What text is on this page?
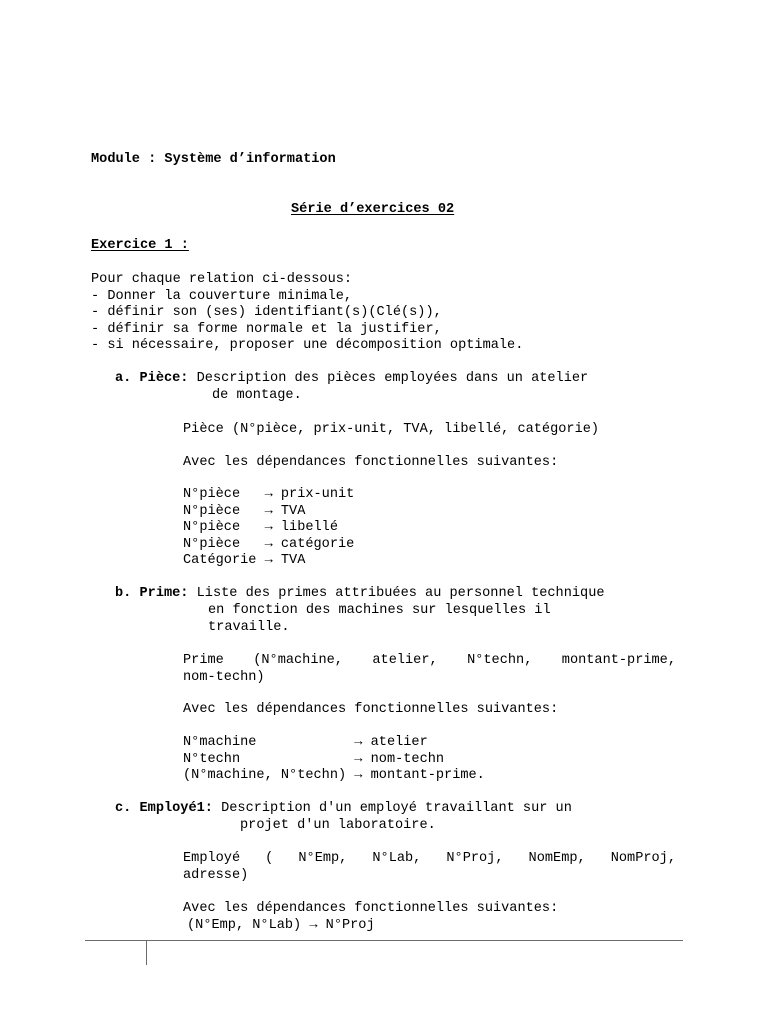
Module : Système d’information
Série d’exercices 02
Exercice 1 :
Pour chaque relation ci-dessous:
- Donner la couverture minimale,
- définir son (ses) identifiant(s)(Clé(s)),
- définir sa forme normale et la justifier,
- si nécessaire, proposer une décomposition optimale.
a. Pièce: Description des pièces employées dans un atelier
de montage.
Pièce (N°pièce, prix-unit, TVA, libellé, catégorie)
Avec les dépendances fonctionnelles suivantes:
N°pièce   → prix-unit
N°pièce   → TVA
N°pièce   → libellé
N°pièce   → catégorie
Catégorie → TVA
b. Prime: Liste des primes attribuées au personnel technique
en fonction des machines sur lesquelles il
travaille.
Prime (N°machine, atelier, N°techn, montant-prime,
nom-techn)
Avec les dépendances fonctionnelles suivantes:
N°machine            → atelier
N°techn              → nom-techn
(N°machine, N°techn) → montant-prime.
c. Employé1: Description d'un employé travaillant sur un
projet d'un laboratoire.
Employé ( N°Emp, N°Lab, N°Proj, NomEmp, NomProj,
adresse)
Avec les dépendances fonctionnelles suivantes:
(N°Emp, N°Lab) → N°Proj
